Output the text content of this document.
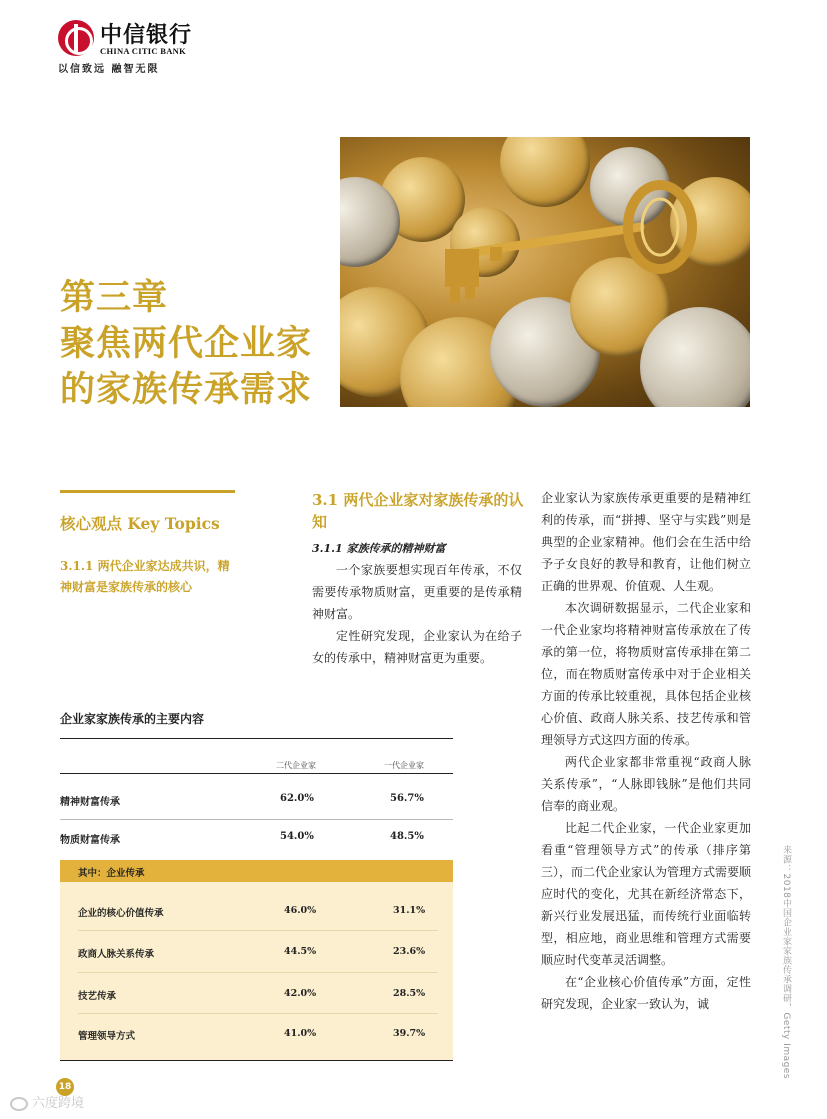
中信银行
CHINA CITIC BANK
以信致远 融智无限
第三章
聚焦两代企业家
的家族传承需求
核心观点 Key Topics
3.1.1 两代企业家达成共识，精神财富是家族传承的核心
3.1 两代企业家对家族传承的认知
3.1.1 家族传承的精神财富

一个家族要想实现百年传承，不仅需要传承物质财富，更重要的是传承精神财富。

定性研究发现，企业家认为在给子女的传承中，精神财富更为重要。

企业家认为家族传承更重要的是精神红利的传承，而“拼搏、坚守与实践”则是典型的企业家精神。他们会在生活中给予子女良好的教导和教育，让他们树立正确的世界观、价值观、人生观。

本次调研数据显示，二代企业家和一代企业家均将精神财富传承放在了传承的第一位，将物质财富传承排在第二位，而在物质财富传承中对于企业相关方面的传承比较重视，具体包括企业核心价值、政商人脉关系、技艺传承和管理领导方式这四方面的传承。

两代企业家都非常重视“政商人脉关系传承”，“人脉即钱脉”是他们共同信奉的商业观。

比起二代企业家，一代企业家更加看重“管理领导方式”的传承（排序第三），而二代企业家认为管理方式需要顺应时代的变化，尤其在新经济常态下，新兴行业发展迅猛，而传统行业面临转型，相应地，商业思维和管理方式需要顺应时代变革灵活调整。

在“企业核心价值传承”方面，定性研究发现，企业家一致认为，诚	来源：2018中国企业家家族传承调研，Getty Images
企业家家族传承的主要内容
二代企业家	一代企业家
精神财富传承	62.0%	56.7%
物质财富传承	54.0%	48.5%
其中：企业传承
企业的核心价值传承	46.0%	31.1%
政商人脉关系传承	44.5%	23.6%
技艺传承	42.0%	28.5%
管理领导方式	41.0%	39.7%
18
六度跨境
